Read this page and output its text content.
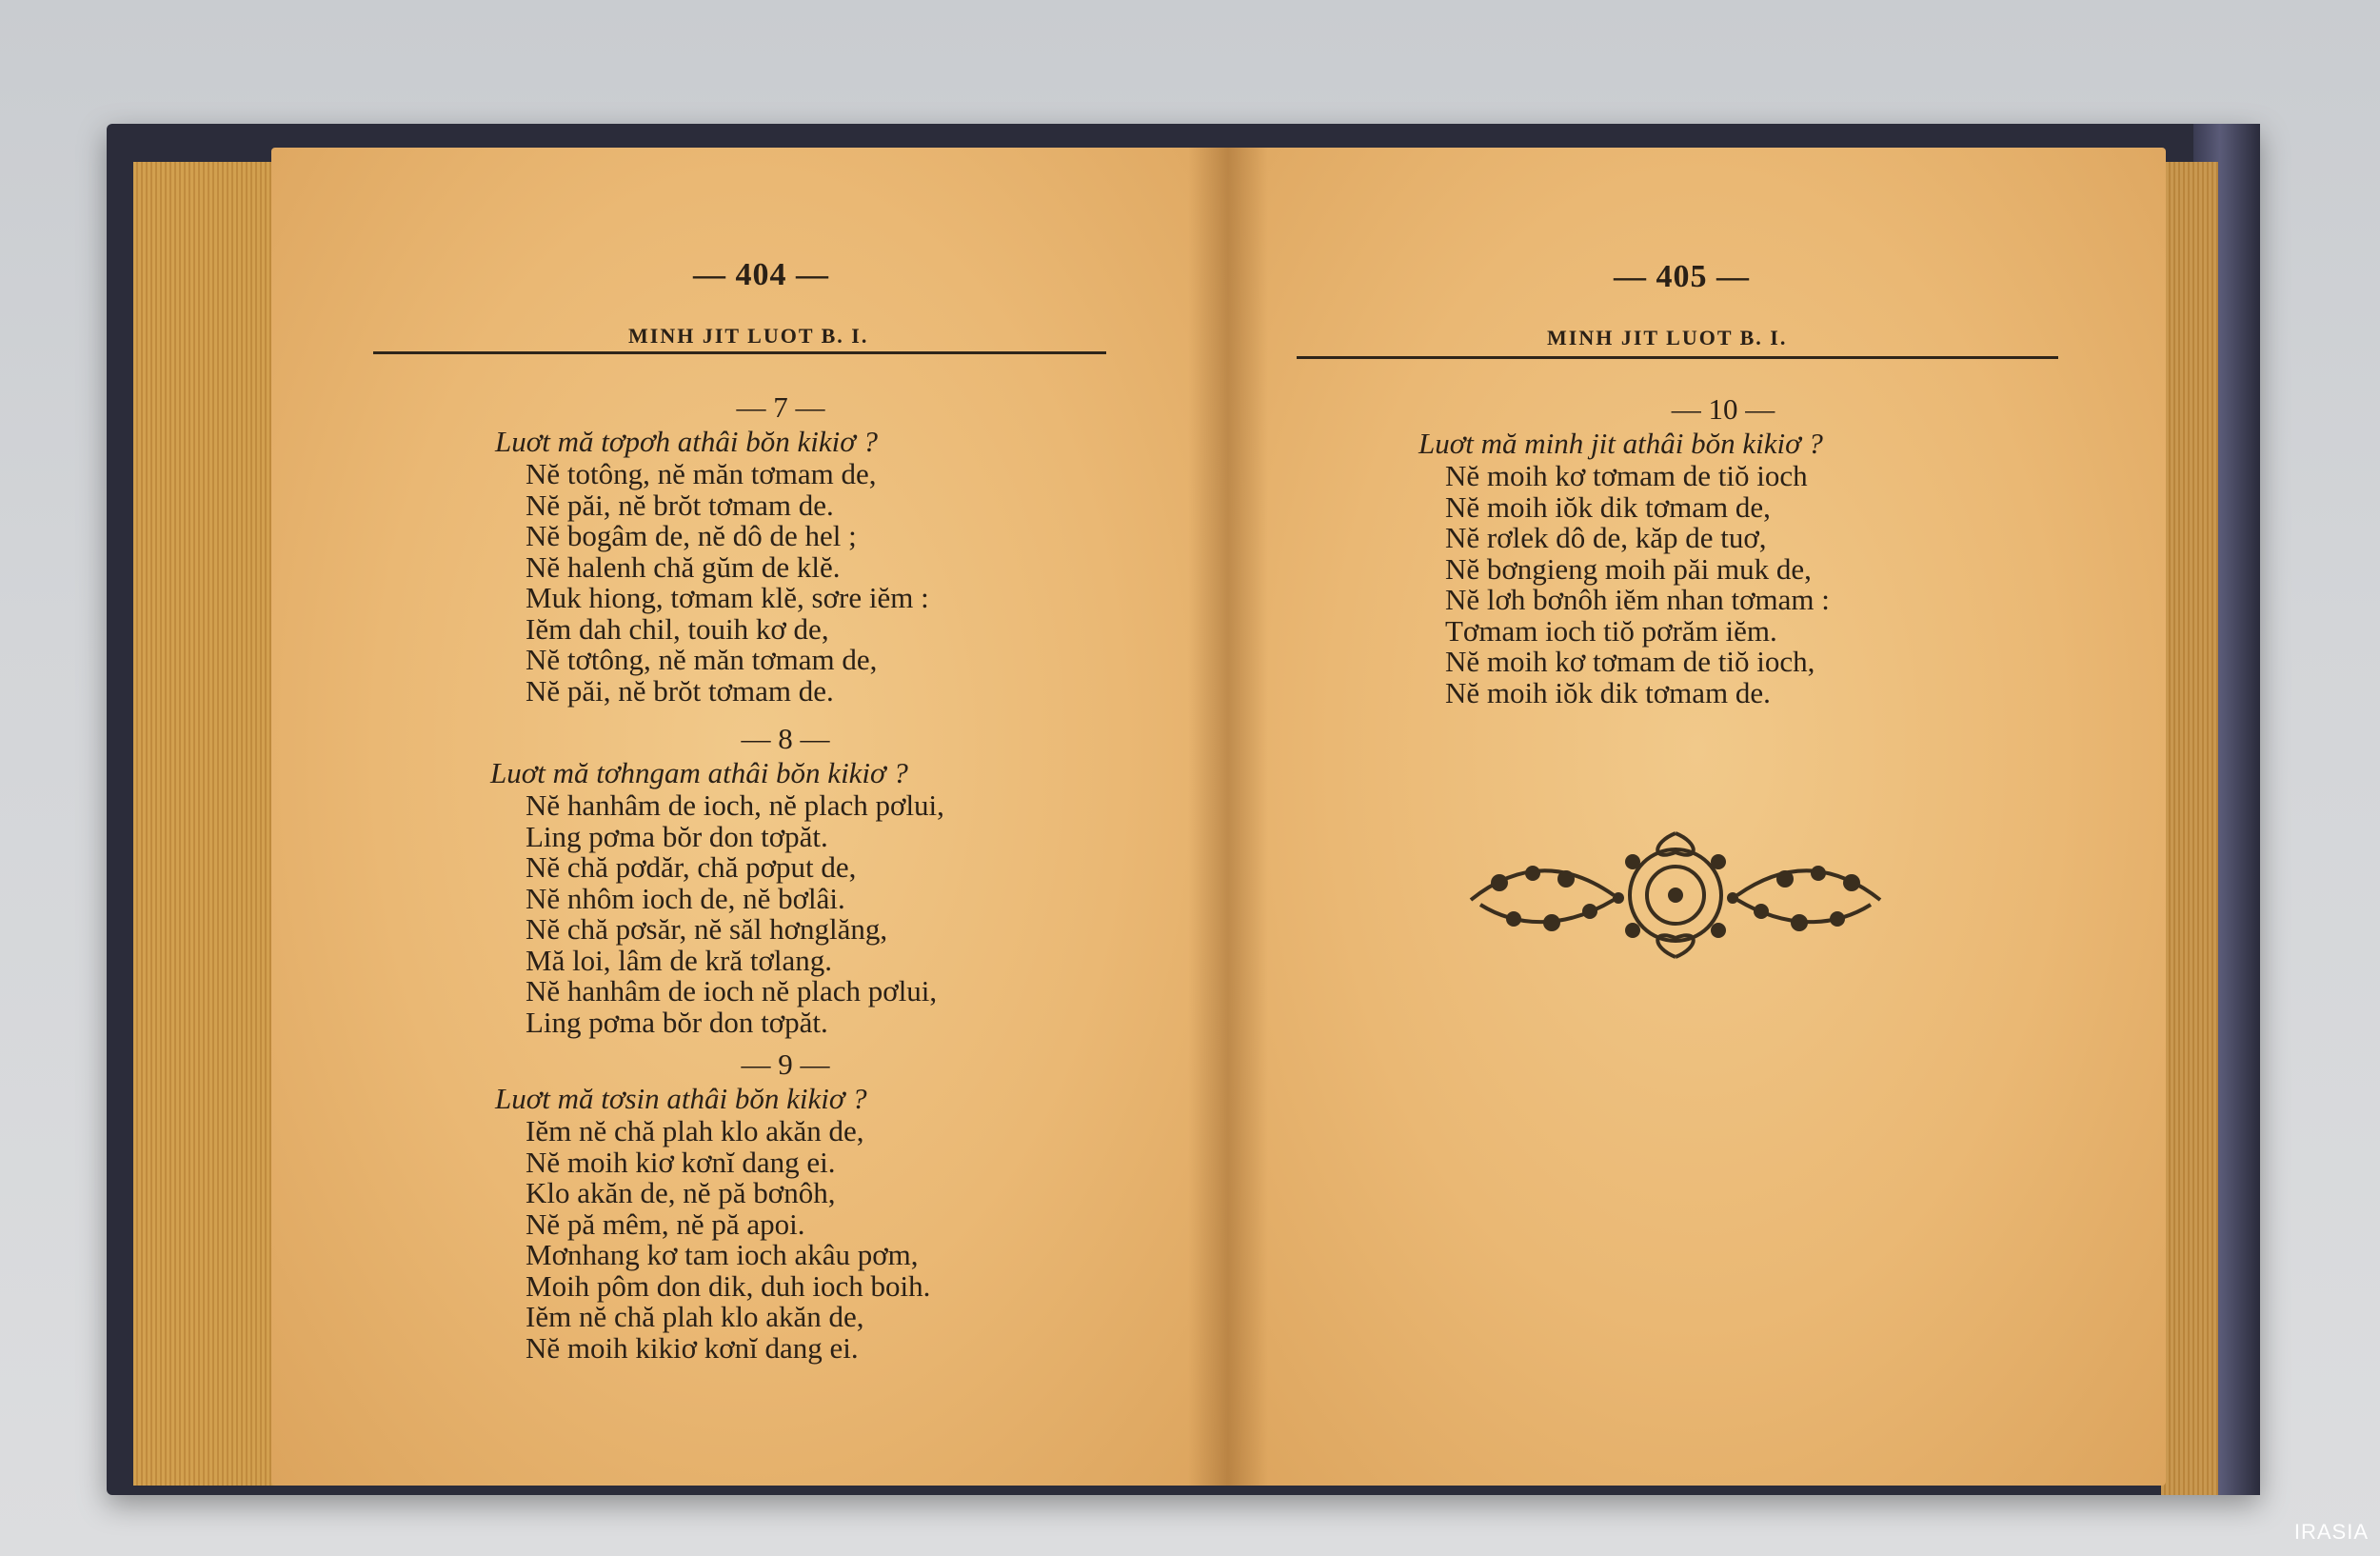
— 404 —
MINH JIT LUOT B. I.
— 405 —
MINH JIT LUOT B. I.
— 7 —
Luơt mă tơpơh athâi bŏn kikiơ ?
Nĕ totông, nĕ măn tơmam de,
Nĕ păi, nĕ brŏt tơmam de.
Nĕ bogâm de, nĕ dô de hel ;
Nĕ halenh chă gŭm de klĕ.
Muk hiong, tơmam klĕ, sơre iĕm :
Iĕm dah chil, touih kơ de,
Nĕ tơtông, nĕ măn tơmam de,
Nĕ păi, nĕ brŏt tơmam de.
— 8 —
Luơt mă tơhngam athâi bŏn kikiơ ?
Nĕ hanhâm de ioch, nĕ plach pơlui,
Ling pơma bŏr don tơpăt.
Nĕ chă pơdăr, chă pơput de,
Nĕ nhôm ioch de, nĕ bơlâi.
Nĕ chă pơsăr, nĕ săl hơnglăng,
Mă loi, lâm de kră tơlang.
Nĕ hanhâm de ioch nĕ plach pơlui,
Ling pơma bŏr don tơpăt.
— 9 —
Luơt mă tơsin athâi bŏn kikiơ ?
Iĕm nĕ chă plah klo akăn de,
Nĕ moih kiơ kơnĭ dang ei.
Klo akăn de, nĕ pă bơnôh,
Nĕ pă mêm, nĕ pă apoi.
Mơnhang kơ tam ioch akâu pơm,
Moih pôm don dik, duh ioch boih.
Iĕm nĕ chă plah klo akăn de,
Nĕ moih kikiơ kơnĭ dang ei.
— 10 —
Luơt mă minh jit athâi bŏn kikiơ ?
Nĕ moih kơ tơmam de tiŏ ioch
Nĕ moih iŏk dik tơmam de,
Nĕ rơlek dô de, kăp de tuơ,
Nĕ bơngieng moih păi muk de,
Nĕ lơh bơnôh iĕm nhan tơmam :
Tơmam ioch tiŏ pơrăm iĕm.
Nĕ moih kơ tơmam de tiŏ ioch,
Nĕ moih iŏk dik tơmam de.
IRASIA
